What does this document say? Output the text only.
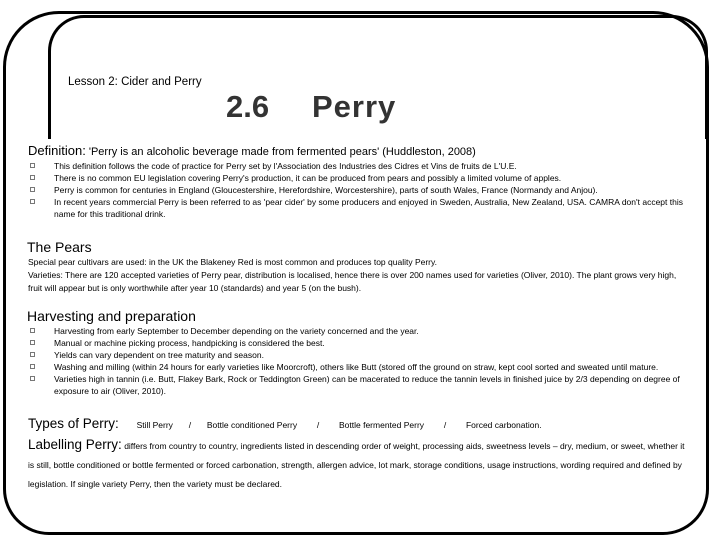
Lesson 2: Cider and Perry
2.6 Perry
Definition: 'Perry is an alcoholic beverage made from fermented pears' (Huddleston, 2008)
This definition follows the code of practice for Perry set by l'Association des Industries des Cidres et Vins de fruits de L'U.E.
There is no common EU legislation covering Perry's production, it can be produced from pears and possibly a limited volume of apples.
Perry is common for centuries in England (Gloucestershire, Herefordshire, Worcestershire), parts of south Wales, France (Normandy and Anjou).
In recent years commercial Perry is been referred to as 'pear cider' by some producers and enjoyed in Sweden, Australia, New Zealand, USA. CAMRA don't accept this name for this traditional drink.
The Pears
Special pear cultivars are used: in the UK the Blakeney Red is most common and produces top quality Perry.
Varieties: There are 120 accepted varieties of Perry pear, distribution is localised, hence there is over 200 names used for varieties (Oliver, 2010). The plant grows very high, fruit will appear but is only worthwhile after year 10 (standards) and year 5 (on the bush).
Harvesting and preparation
Harvesting from early September to December depending on the variety concerned and the year.
Manual or machine picking process, handpicking is considered the best.
Yields can vary dependent on tree maturity and season.
Washing and milling (within 24 hours for early varieties like Moorcroft), others like Butt (stored off the ground on straw, kept cool sorted and sweated until mature.
Varieties high in tannin (i.e. Butt, Flakey Bark, Rock or Teddington Green) can be macerated to reduce the tannin levels in finished juice by 2/3 depending on degree of exposure to air (Oliver, 2010).
Types of Perry: Still Perry / Bottle conditioned Perry / Bottle fermented Perry / Forced carbonation.
Labelling Perry: differs from country to country, ingredients listed in descending order of weight, processing aids, sweetness levels – dry, medium, or sweet, whether it is still, bottle conditioned or bottle fermented or forced carbonation, strength, allergen advice, lot mark, storage conditions, usage instructions, wording required and defined by legislation. If single variety Perry, then the variety must be declared.
